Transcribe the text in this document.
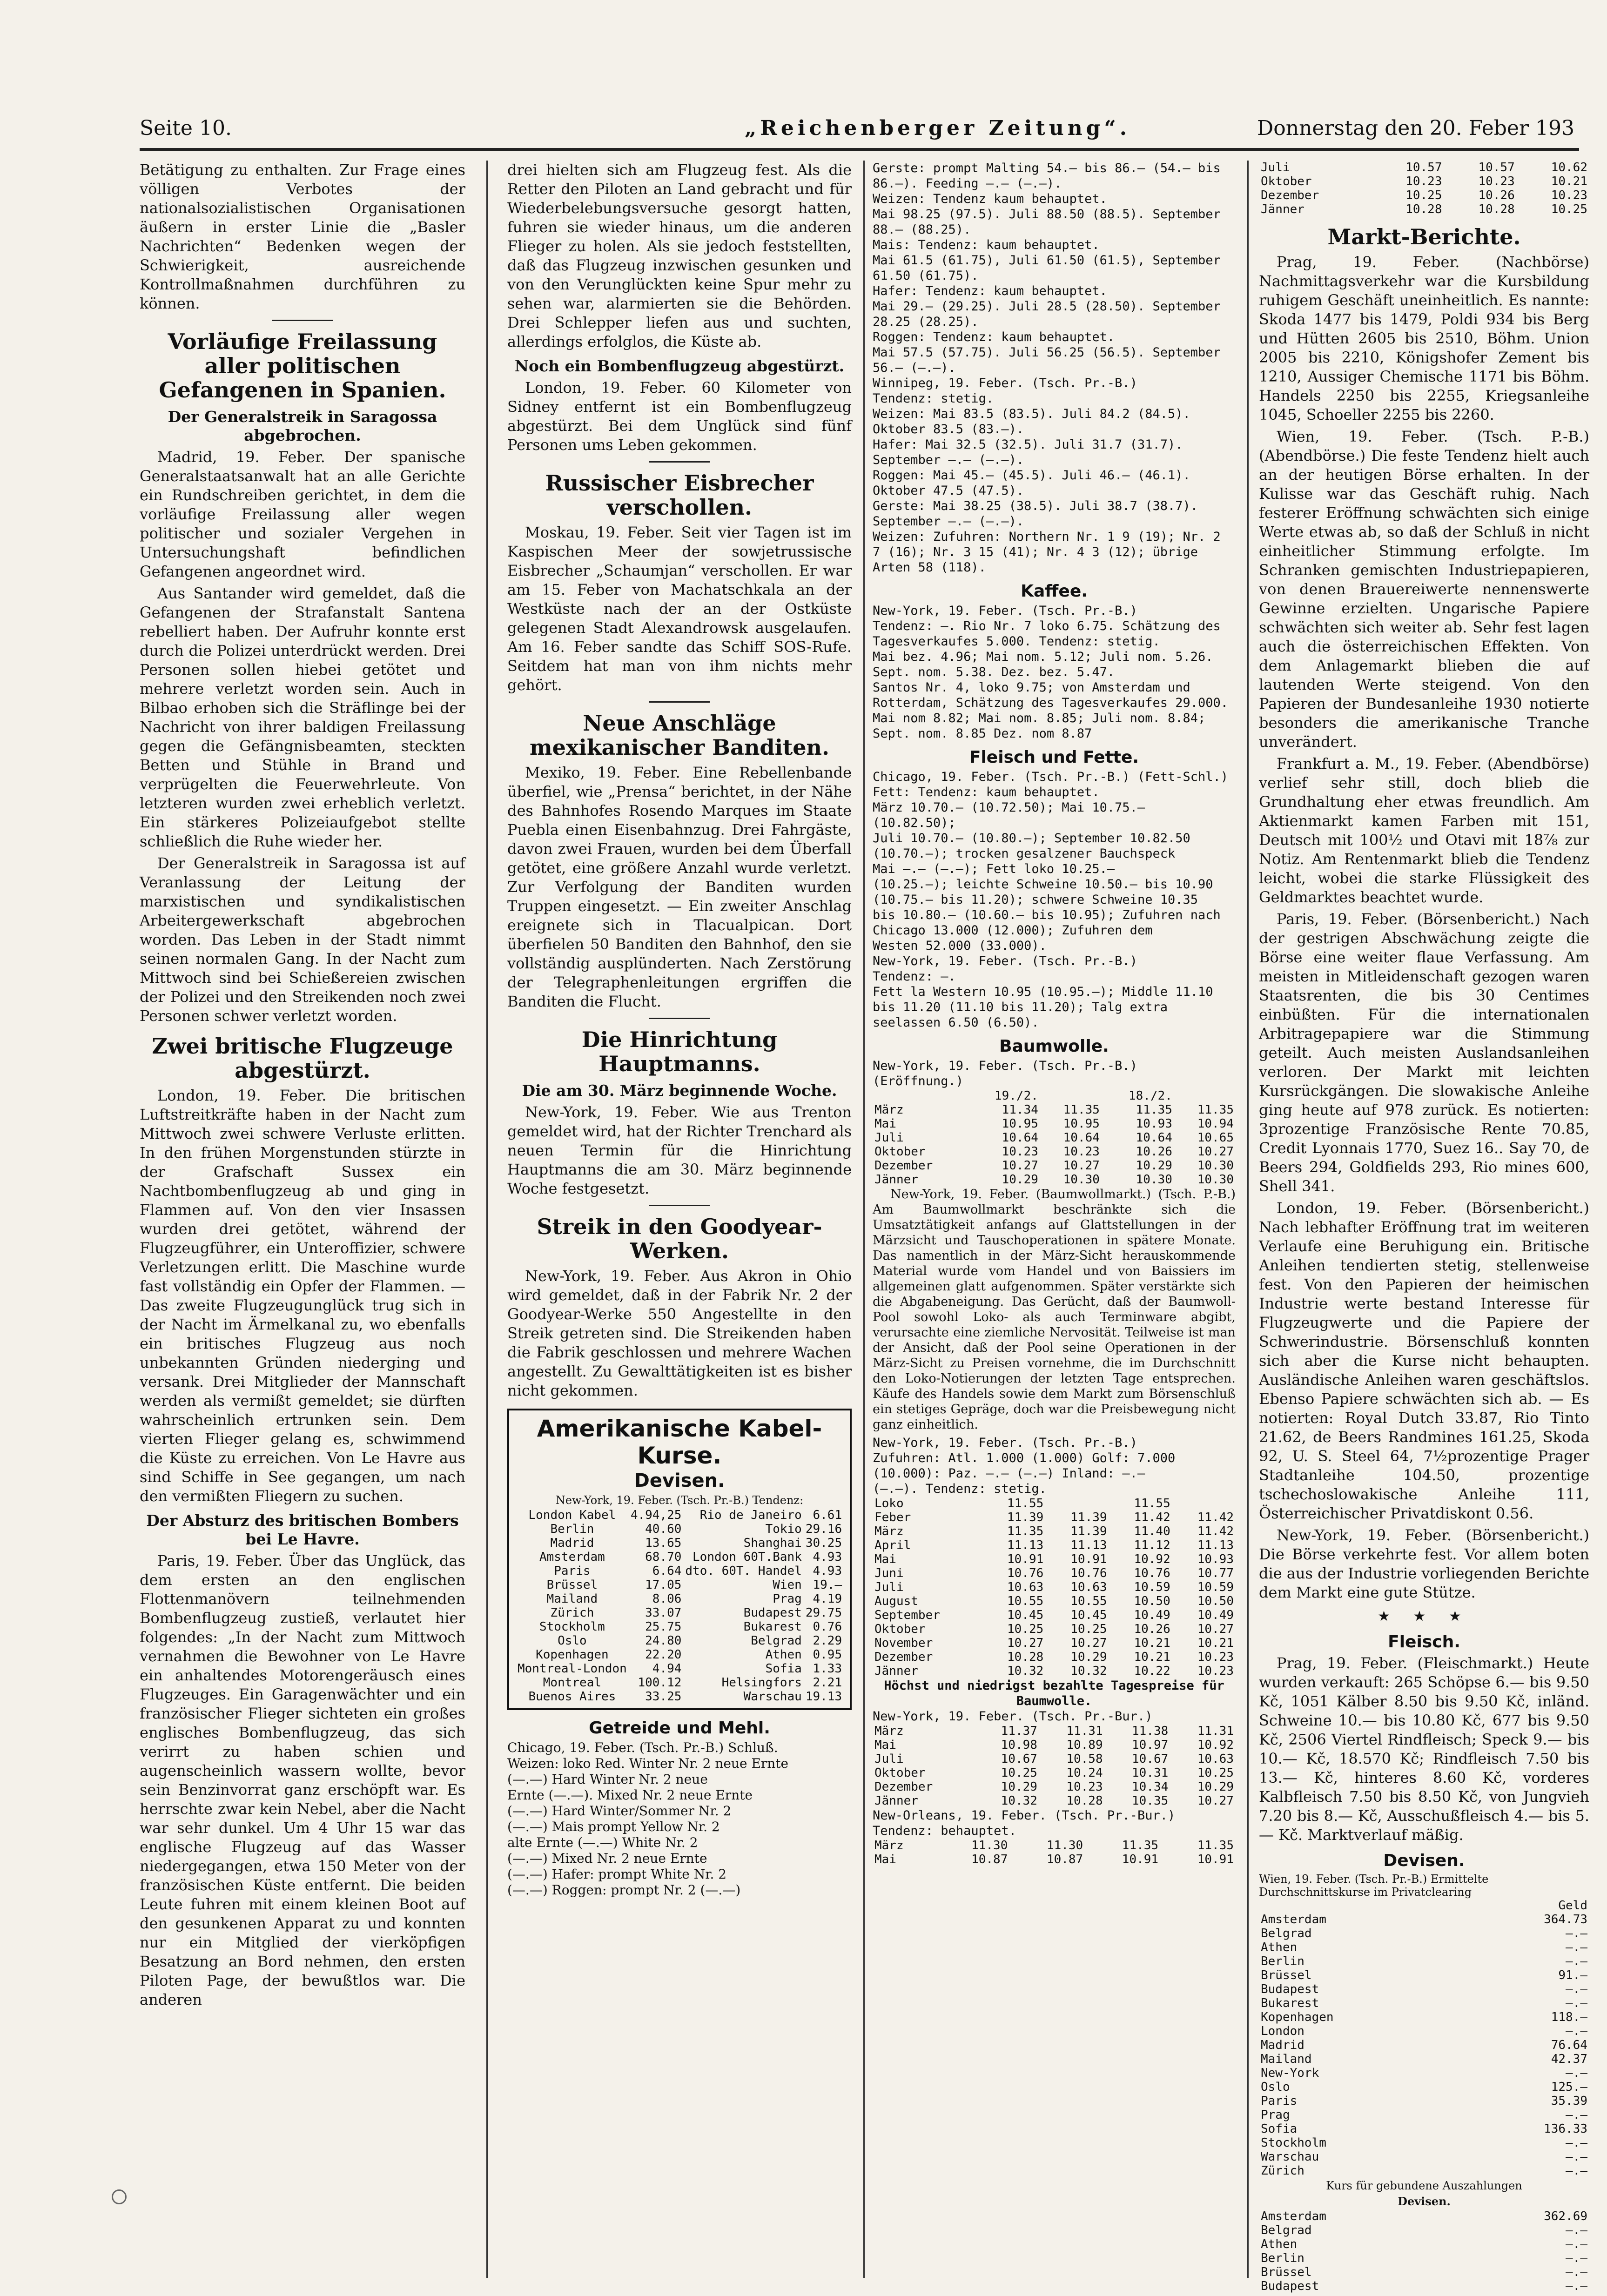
Seite 10.	„Reichenberger Zeitung“.	Donnerstag den 20. Feber 193

Betätigung zu enthalten. Zur Frage eines völligen Verbotes der nationalsozialistischen Organisationen äußern in erster Linie die „Basler Nachrichten“ Bedenken wegen der Schwierigkeit, ausreichende Kontrollmaßnahmen durchführen zu können.

Vorläufige Freilassung aller politischen Gefangenen in Spanien.
Der Generalstreik in Saragossa abgebrochen.

Madrid, 19. Feber. Der spanische Generalstaatsanwalt hat an alle Gerichte ein Rundschreiben gerichtet, in dem die vorläufige Freilassung aller wegen politischer und sozialer Vergehen in Untersuchungshaft befindlichen Gefangenen angeordnet wird.

Aus Santander wird gemeldet, daß die Gefangenen der Strafanstalt Santena rebelliert haben. Der Aufruhr konnte erst durch die Polizei unterdrückt werden. Drei Personen sollen hiebei getötet und mehrere verletzt worden sein. Auch in Bilbao erhoben sich die Sträflinge bei der Nachricht von ihrer baldigen Freilassung gegen die Gefängnisbeamten, steckten Betten und Stühle in Brand und verprügelten die Feuerwehrleute. Von letzteren wurden zwei erheblich verletzt. Ein stärkeres Polizeiaufgebot stellte schließlich die Ruhe wieder her.

Der Generalstreik in Saragossa ist auf Veranlassung der Leitung der marxistischen und syndikalistischen Arbeitergewerkschaft abgebrochen worden. Das Leben in der Stadt nimmt seinen normalen Gang. In der Nacht zum Mittwoch sind bei Schießereien zwischen der Polizei und den Streikenden noch zwei Personen schwer verletzt worden.

Zwei britische Flugzeuge abgestürzt.

London, 19. Feber. Die britischen Luftstreitkräfte haben in der Nacht zum Mittwoch zwei schwere Verluste erlitten. In den frühen Morgenstunden stürzte in der Grafschaft Sussex ein Nachtbombenflugzeug ab und ging in Flammen auf. Von den vier Insassen wurden drei getötet, während der Flugzeugführer, ein Unteroffizier, schwere Verletzungen erlitt. Die Maschine wurde fast vollständig ein Opfer der Flammen. — Das zweite Flugzeugunglück trug sich in der Nacht im Ärmelkanal zu, wo ebenfalls ein britisches Flugzeug aus noch unbekannten Gründen niederging und versank. Drei Mitglieder der Mannschaft werden als vermißt gemeldet; sie dürften wahrscheinlich ertrunken sein. Dem vierten Flieger gelang es, schwimmend die Küste zu erreichen. Von Le Havre aus sind Schiffe in See gegangen, um nach den vermißten Fliegern zu suchen.

Der Absturz des britischen Bombers bei Le Havre.

Paris, 19. Feber. Über das Unglück, das dem ersten an den englischen Flottenmanövern teilnehmenden Bombenflugzeug zustieß, verlautet hier folgendes: „In der Nacht zum Mittwoch vernahmen die Bewohner von Le Havre ein anhaltendes Motorengeräusch eines Flugzeuges. Ein Garagenwächter und ein französischer Flieger sichteten ein großes englisches Bombenflugzeug, das sich verirrt zu haben schien und augenscheinlich wassern wollte, bevor sein Benzinvorrat ganz erschöpft war. Es herrschte zwar kein Nebel, aber die Nacht war sehr dunkel. Um 4 Uhr 15 war das englische Flugzeug auf das Wasser niedergegangen, etwa 150 Meter von der französischen Küste entfernt. Die beiden Leute fuhren mit einem kleinen Boot auf den gesunkenen Apparat zu und konnten nur ein Mitglied der vierköpfigen Besatzung an Bord nehmen, den ersten Piloten Page, der bewußtlos war. Die anderen

drei hielten sich am Flugzeug fest. Als die Retter den Piloten an Land gebracht und für Wiederbelebungsversuche gesorgt hatten, fuhren sie wieder hinaus, um die anderen Flieger zu holen. Als sie jedoch feststellten, daß das Flugzeug inzwischen gesunken und von den Verunglückten keine Spur mehr zu sehen war, alarmierten sie die Behörden. Drei Schlepper liefen aus und suchten, allerdings erfolglos, die Küste ab.

Noch ein Bombenflugzeug abgestürzt.

London, 19. Feber. 60 Kilometer von Sidney entfernt ist ein Bombenflugzeug abgestürzt. Bei dem Unglück sind fünf Personen ums Leben gekommen.

Russischer Eisbrecher verschollen.

Moskau, 19. Feber. Seit vier Tagen ist im Kaspischen Meer der sowjetrussische Eisbrecher „Schaumjan“ verschollen. Er war am 15. Feber von Machatschkala an der Westküste nach der an der Ostküste gelegenen Stadt Alexandrowsk ausgelaufen. Am 16. Feber sandte das Schiff SOS-Rufe. Seitdem hat man von ihm nichts mehr gehört.

Neue Anschläge mexikanischer Banditen.

Mexiko, 19. Feber. Eine Rebellenbande überfiel, wie „Prensa“ berichtet, in der Nähe des Bahnhofes Rosendo Marques im Staate Puebla einen Eisenbahnzug. Drei Fahrgäste, davon zwei Frauen, wurden bei dem Überfall getötet, eine größere Anzahl wurde verletzt. Zur Verfolgung der Banditen wurden Truppen eingesetzt. — Ein zweiter Anschlag ereignete sich in Tlacualpican. Dort überfielen 50 Banditen den Bahnhof, den sie vollständig ausplünderten. Nach Zerstörung der Telegraphenleitungen ergriffen die Banditen die Flucht.

Die Hinrichtung Hauptmanns.
Die am 30. März beginnende Woche.

New-York, 19. Feber. Wie aus Trenton gemeldet wird, hat der Richter Trenchard als neuen Termin für die Hinrichtung Hauptmanns die am 30. März beginnende Woche festgesetzt.

Streik in den Goodyear-Werken.

New-York, 19. Feber. Aus Akron in Ohio wird gemeldet, daß in der Fabrik Nr. 2 der Goodyear-Werke 550 Angestellte in den Streik getreten sind. Die Streikenden haben die Fabrik geschlossen und mehrere Wachen angestellt. Zu Gewalttätigkeiten ist es bisher nicht gekommen.

Amerikanische Kabel-Kurse.
Devisen.
New-York, 19. Feber. (Tsch. Pr.-B.) Tendenz:
London Kabel	4.94,25	Rio de Janeiro	6.61
Berlin	40.60	Tokio	29.16
Madrid	13.65	Shanghai	30.25
Amsterdam	68.70	London 60T.Bank	4.93
Paris	6.64	dto. 60T. Handel	4.93
Brüssel	17.05	Wien	19.—
Mailand	8.06	Prag	4.19
Zürich	33.07	Budapest	29.75
Stockholm	25.75	Bukarest	0.76
Oslo	24.80	Belgrad	2.29
Kopenhagen	22.20	Athen	0.95
Montreal-London	4.94	Sofia	1.33
Montreal	100.12	Helsingfors	2.21
Buenos Aires	33.25	Warschau	19.13
Getreide und Mehl.
Chicago, 19. Feber. (Tsch. Pr.-B.) Schluß.
Weizen: loko Red. Winter Nr. 2 neue Ernte
(—.—) Hard Winter Nr. 2 neue
Ernte (—.—). Mixed Nr. 2 neue Ernte
(—.—) Hard Winter/Sommer Nr. 2
(—.—) Mais prompt Yellow Nr. 2
alte Ernte (—.—) White Nr. 2
(—.—) Mixed Nr. 2 neue Ernte
(—.—) Hafer: prompt White Nr. 2
(—.—) Roggen: prompt Nr. 2 (—.—)
Gerste: prompt Malting 54.— bis 86.— (54.— bis 86.—). Feeding —.— (—.—).
Weizen: Tendenz kaum behauptet.
Mai 98.25 (97.5). Juli 88.50 (88.5). September 88.— (88.25).
Mais: Tendenz: kaum behauptet.
Mai 61.5 (61.75), Juli 61.50 (61.5), September 61.50 (61.75).
Hafer: Tendenz: kaum behauptet.
Mai 29.— (29.25). Juli 28.5 (28.50). September 28.25 (28.25).
Roggen: Tendenz: kaum behauptet.
Mai 57.5 (57.75). Juli 56.25 (56.5). September 56.— (—.—).
Winnipeg, 19. Feber. (Tsch. Pr.-B.)
Tendenz: stetig.
Weizen: Mai 83.5 (83.5). Juli 84.2 (84.5).
Oktober 83.5 (83.—).
Hafer: Mai 32.5 (32.5). Juli 31.7 (31.7).
September —.— (—.—).
Roggen: Mai 45.— (45.5). Juli 46.— (46.1).
Oktober 47.5 (47.5).
Gerste: Mai 38.25 (38.5). Juli 38.7 (38.7).
September —.— (—.—).
Weizen: Zufuhren: Northern Nr. 1 9 (19); Nr. 2 7 (16); Nr. 3 15 (41); Nr. 4 3 (12); übrige Arten 58 (118).
Kaffee.
New-York, 19. Feber. (Tsch. Pr.-B.)
Tendenz: —. Rio Nr. 7 loko 6.75. Schätzung des Tagesverkaufes 5.000. Tendenz: stetig.
Mai bez. 4.96; Mai nom. 5.12; Juli nom. 5.26.
Sept. nom. 5.38. Dez. bez. 5.47.
Santos Nr. 4, loko 9.75; von Amsterdam und Rotterdam, Schätzung des Tagesverkaufes 29.000.
Mai nom 8.82; Mai nom. 8.85; Juli nom. 8.84;
Sept. nom. 8.85 Dez. nom 8.87
Fleisch und Fette.
Chicago, 19. Feber. (Tsch. Pr.-B.) (Fett-Schl.)
Fett: Tendenz: kaum behauptet.
März 10.70.— (10.72.50); Mai 10.75.— (10.82.50);
Juli 10.70.— (10.80.—); September 10.82.50
(10.70.—); trocken gesalzener Bauchspeck
Mai —.— (—.—); Fett loko 10.25.—
(10.25.—); leichte Schweine 10.50.— bis 10.90
(10.75.— bis 11.20); schwere Schweine 10.35
bis 10.80.— (10.60.— bis 10.95); Zufuhren nach
Chicago 13.000 (12.000); Zufuhren dem
Westen 52.000 (33.000).
New-York, 19. Feber. (Tsch. Pr.-B.)
Tendenz: —.
Fett la Western 10.95 (10.95.—); Middle 11.10
bis 11.20 (11.10 bis 11.20); Talg extra seelassen 6.50 (6.50).
Baumwolle.
New-York, 19. Feber. (Tsch. Pr.-B.)
(Eröffnung.)
	19./2.		18./2.	
März	11.34	11.35	11.35	11.35
Mai	10.95	10.95	10.93	10.94
Juli	10.64	10.64	10.64	10.65
Oktober	10.23	10.23	10.26	10.27
Dezember	10.27	10.27	10.29	10.30
Jänner	10.29	10.30	10.30	10.30

New-York, 19. Feber. (Baumwollmarkt.) (Tsch. P.-B.) Am Baumwollmarkt beschränkte sich die Umsatztätigkeit anfangs auf Glattstellungen in der Märzsicht und Tauschoperationen in spätere Monate. Das namentlich in der März-Sicht herauskommende Material wurde vom Handel und von Baissiers im allgemeinen glatt aufgenommen. Später verstärkte sich die Abgabeneigung. Das Gerücht, daß der Baumwoll-Pool sowohl Loko- als auch Terminware abgibt, verursachte eine ziemliche Nervosität. Teilweise ist man der Ansicht, daß der Pool seine Operationen in der März-Sicht zu Preisen vornehme, die im Durchschnitt den Loko-Notierungen der letzten Tage entsprechen. Käufe des Handels sowie dem Markt zum Börsenschluß ein stetiges Gepräge, doch war die Preisbewegung nicht ganz einheitlich.

New-York, 19. Feber. (Tsch. Pr.-B.)
Zufuhren: Atl. 1.000 (1.000) Golf: 7.000 (10.000): Paz. —.— (—.—) Inland: —.—
(—.—). Tendenz: stetig.
Loko	11.55		11.55	
Feber	11.39	11.39	11.42	11.42
März	11.35	11.39	11.40	11.42
April	11.13	11.13	11.12	11.13
Mai	10.91	10.91	10.92	10.93
Juni	10.76	10.76	10.76	10.77
Juli	10.63	10.63	10.59	10.59
August	10.55	10.55	10.50	10.50
September	10.45	10.45	10.49	10.49
Oktober	10.25	10.25	10.26	10.27
November	10.27	10.27	10.21	10.21
Dezember	10.28	10.29	10.21	10.23
Jänner	10.32	10.32	10.22	10.23
Höchst und niedrigst bezahlte Tagespreise für Baumwolle.
New-York, 19. Feber. (Tsch. Pr.-Bur.)
März	11.37	11.31	11.38	11.31
Mai	10.98	10.89	10.97	10.92
Juli	10.67	10.58	10.67	10.63
Oktober	10.25	10.24	10.31	10.25
Dezember	10.29	10.23	10.34	10.29
Jänner	10.32	10.28	10.35	10.27
New-Orleans, 19. Feber. (Tsch. Pr.-Bur.)
Tendenz: behauptet.
März	11.30	11.30	11.35	11.35
Mai	10.87	10.87	10.91	10.91
Juli	10.57	10.57	10.62
Oktober	10.23	10.23	10.21
Dezember	10.25	10.26	10.23
Jänner	10.28	10.28	10.25
Markt-Berichte.

Prag, 19. Feber. (Nachbörse) Nachmittagsverkehr war die Kursbildung ruhigem Geschäft uneinheitlich. Es nannte: Skoda 1477 bis 1479, Poldi 934 bis Berg und Hütten 2605 bis 2510, Böhm. Union 2005 bis 2210, Königshofer Zement bis 1210, Aussiger Chemische 1171 bis Böhm. Handels 2250 bis 2255, Kriegsanleihe 1045, Schoeller 2255 bis 2260.

Wien, 19. Feber. (Tsch. P.-B.) (Abendbörse.) Die feste Tendenz hielt auch an der heutigen Börse erhalten. In der Kulisse war das Geschäft ruhig. Nach festerer Eröffnung schwächten sich einige Werte etwas ab, so daß der Schluß in nicht einheitlicher Stimmung erfolgte. Im Schranken gemischten Industriepapieren, von denen Brauereiwerte nennenswerte Gewinne erzielten. Ungarische Papiere schwächten sich weiter ab. Sehr fest lagen auch die österreichischen Effekten. Von dem Anlagemarkt blieben die auf lautenden Werte steigend. Von den Papieren der Bundesanleihe 1930 notierte besonders die amerikanische Tranche unverändert.

Frankfurt a. M., 19. Feber. (Abendbörse) verlief sehr still, doch blieb die Grundhaltung eher etwas freundlich. Am Aktienmarkt kamen Farben mit 151, Deutsch mit 100½ und Otavi mit 18⅞ zur Notiz. Am Rentenmarkt blieb die Tendenz leicht, wobei die starke Flüssigkeit des Geldmarktes beachtet wurde.

Paris, 19. Feber. (Börsenbericht.) Nach der gestrigen Abschwächung zeigte die Börse eine weiter flaue Verfassung. Am meisten in Mitleidenschaft gezogen waren Staatsrenten, die bis 30 Centimes einbüßten. Für die internationalen Arbitragepapiere war die Stimmung geteilt. Auch meisten Auslandsanleihen verloren. Der Markt mit leichten Kursrückgängen. Die slowakische Anleihe ging heute auf 978 zurück. Es notierten: 3prozentige Französische Rente 70.85, Credit Lyonnais 1770, Suez 16.. Say 70, de Beers 294, Goldfields 293, Rio mines 600, Shell 341.

London, 19. Feber. (Börsenbericht.) Nach lebhafter Eröffnung trat im weiteren Verlaufe eine Beruhigung ein. Britische Anleihen tendierten stetig, stellenweise fest. Von den Papieren der heimischen Industrie werte bestand Interesse für Flugzeugwerte und die Papiere der Schwerindustrie. Börsenschluß konnten sich aber die Kurse nicht behaupten. Ausländische Anleihen waren geschäftslos. Ebenso Papiere schwächten sich ab. — Es notierten: Royal Dutch 33.87, Rio Tinto 21.62, de Beers Randmines 161.25, Skoda 92, U. S. Steel 64, 7½prozentige Prager Stadtanleihe 104.50, prozentige tschechoslowakische Anleihe 111, Österreichischer Privatdiskont 0.56.

New-York, 19. Feber. (Börsenbericht.) Die Börse verkehrte fest. Vor allem boten die aus der Industrie vorliegenden Berichte dem Markt eine gute Stütze.

★ ★ ★
Fleisch.

Prag, 19. Feber. (Fleischmarkt.) Heute wurden verkauft: 265 Schöpse 6.— bis 9.50 Kč, 1051 Kälber 8.50 bis 9.50 Kč, inländ. Schweine 10.— bis 10.80 Kč, 677 bis 9.50 Kč, 2506 Viertel Rindfleisch; Speck 9.— bis 10.— Kč, 18.570 Kč; Rindfleisch 7.50 bis 13.— Kč, hinteres 8.60 Kč, vorderes Kalbfleisch 7.50 bis 8.50 Kč, von Jungvieh 7.20 bis 8.— Kč, Ausschußfleisch 4.— bis 5.— Kč. Marktverlauf mäßig.

Devisen.
Wien, 19. Feber. (Tsch. Pr.-B.) Ermittelte Durchschnittskurse im Privatclearing
	Geld
Amsterdam	364.73
Belgrad	—.—
Athen	—.—
Berlin	—.—
Brüssel	91.—
Budapest	—.—
Bukarest	—.—
Kopenhagen	118.—
London	—.—
Madrid	76.64
Mailand	42.37
New-York	—.—
Oslo	125.—
Paris	35.39
Prag	—.—
Sofia	136.33
Stockholm	—.—
Warschau	—.—
Zürich	—.—
Kurs für gebundene Auszahlungen
Devisen.
Amsterdam	362.69
Belgrad	—.—
Athen	—.—
Berlin	—.—
Brüssel	—.—
Budapest	—.—
